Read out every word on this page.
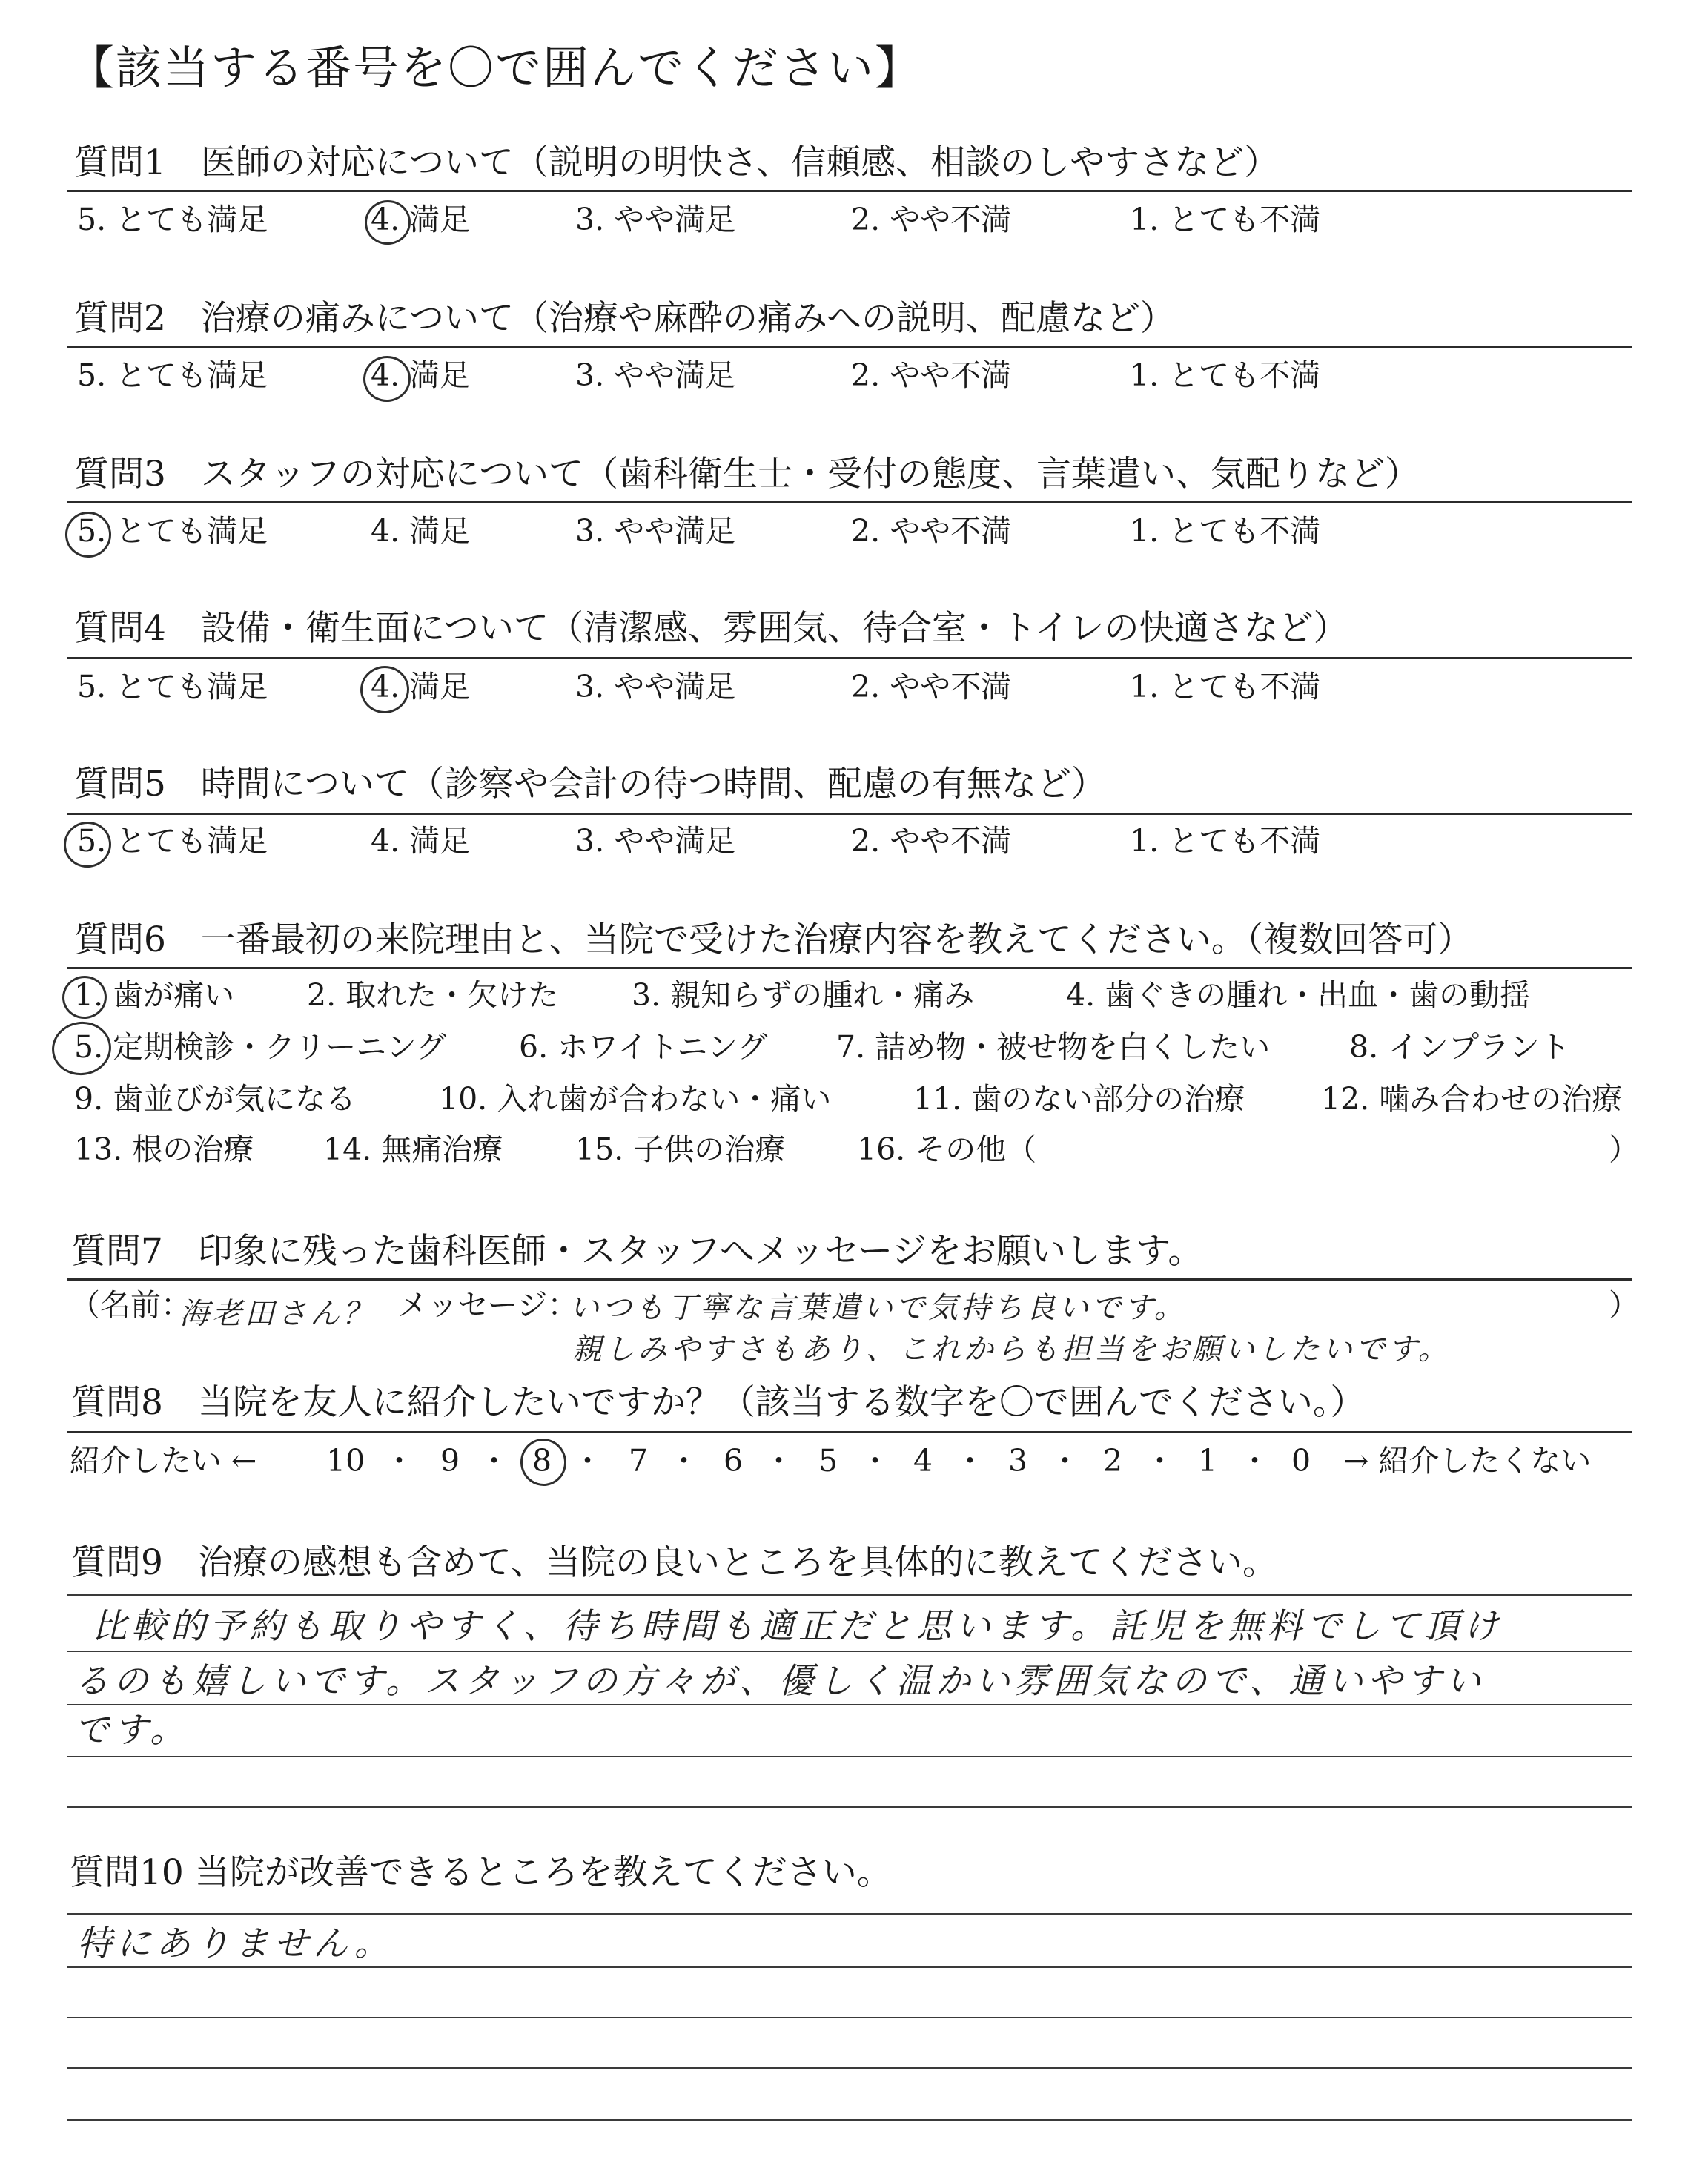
【該当する番号を〇で囲んでください】
質問1　医師の対応について（説明の明快さ、信頼感、相談のしやすさなど）
5. とても満足	4. 満足	3. やや満足	2. やや不満	1. とても不満
質問2　治療の痛みについて（治療や麻酔の痛みへの説明、配慮など）
5. とても満足	4. 満足	3. やや満足	2. やや不満	1. とても不満
質問3　スタッフの対応について（歯科衛生士・受付の態度、言葉遣い、気配りなど）
5. とても満足	4. 満足	3. やや満足	2. やや不満	1. とても不満
質問4　設備・衛生面について（清潔感、雰囲気、待合室・トイレの快適さなど）
5. とても満足	4. 満足	3. やや満足	2. やや不満	1. とても不満
質問5　時間について（診察や会計の待つ時間、配慮の有無など）
5. とても満足	4. 満足	3. やや満足	2. やや不満	1. とても不満
質問6　一番最初の来院理由と、当院で受けた治療内容を教えてください。（複数回答可）
1. 歯が痛い 2. 取れた・欠けた 3. 親知らずの腫れ・痛み	4. 歯ぐきの腫れ・出血・歯の動揺
5. 定期検診・クリーニング 6. ホワイトニング 7. 詰め物・被せ物を白くしたい	8. インプラント
9. 歯並びが気になる	10. 入れ歯が合わない・痛い	11. 歯のない部分の治療	12. 噛み合わせの治療
13. 根の治療 14. 無痛治療 15. 子供の治療 16. その他（	）
質問7　印象に残った歯科医師・スタッフへメッセージをお願いします。
（名前：
海老田さん？ メッセージ：
いつも丁寧な言葉遣いで気持ち良いです。
親しみやすさもあり、これからも担当をお願いしたいです。
）
質問8　当院を友人に紹介したいですか？（該当する数字を〇で囲んでください。）
紹介したい ← 10 ・ 9 ・ 8 ・ 7 ・ 6 ・ 5 ・ 4 ・ 3 ・ 2 ・ 1 ・ 0 → 紹介したくない
質問9　治療の感想も含めて、当院の良いところを具体的に教えてください。
比較的予約も取りやすく、待ち時間も適正だと思います。託児を無料でして頂け
るのも嬉しいです。スタッフの方々が、優しく温かい雰囲気なので、通いやすい
です。
質問10 当院が改善できるところを教えてください。
特にありません。
